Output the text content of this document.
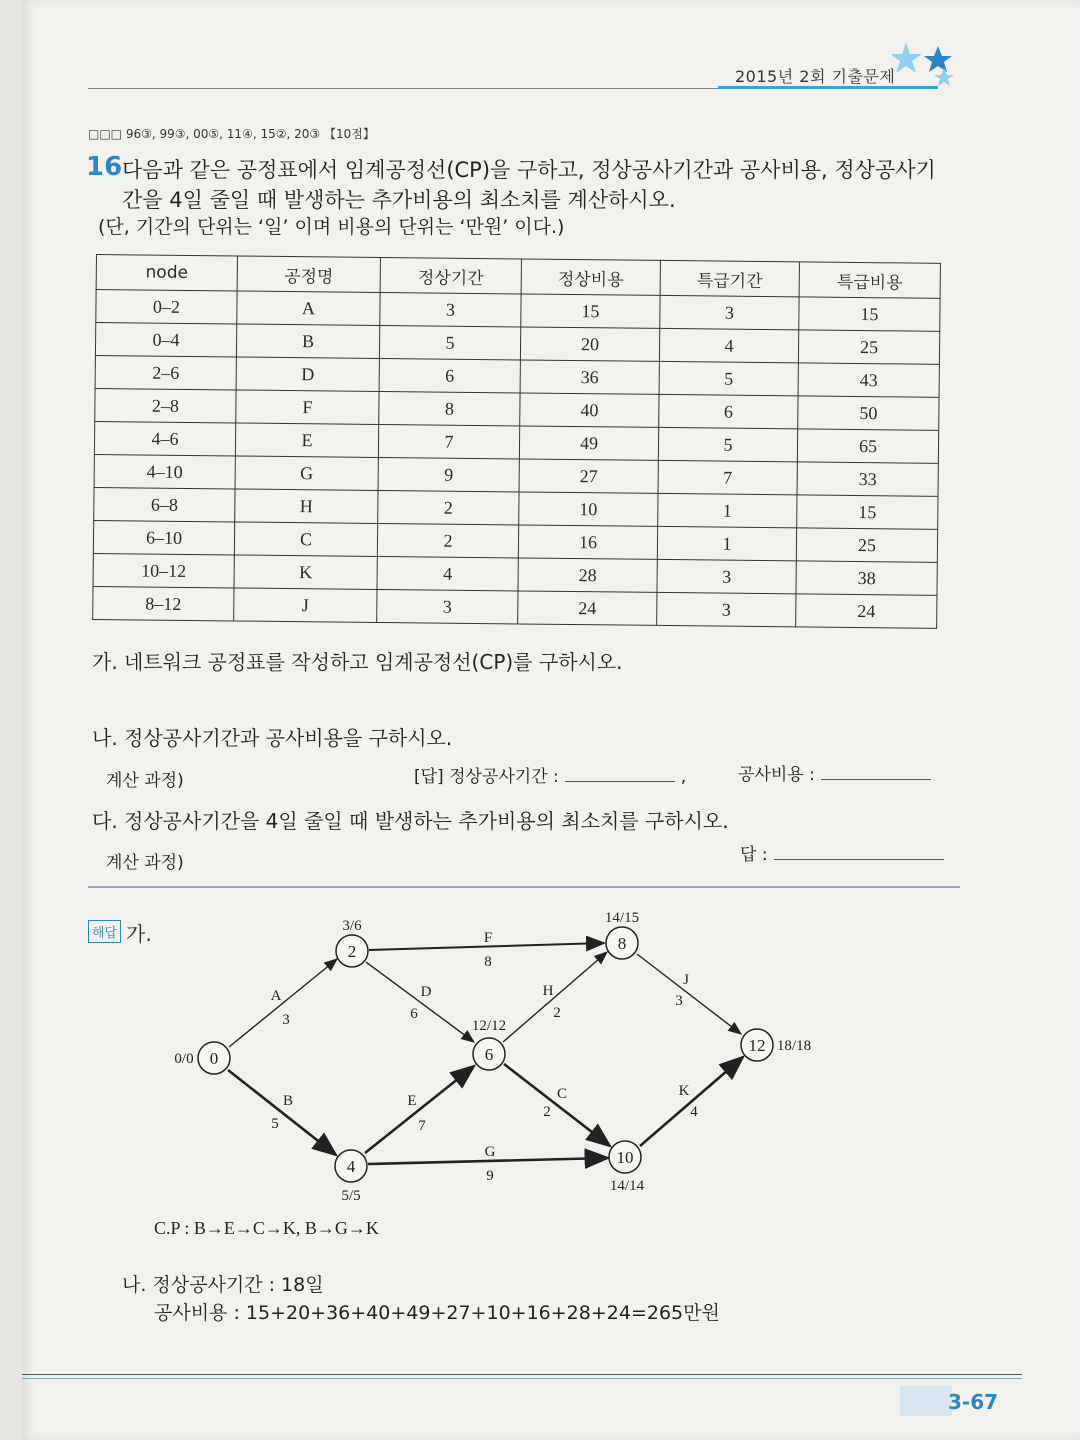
2015년 2회 기출문제
□□□ 96③, 99③, 00⑤, 11④, 15②, 20③ 【10점】
16 다음과 같은 공정표에서 임계공정선(CP)을 구하고, 정상공사기간과 공사비용, 정상공사기
간을 4일 줄일 때 발생하는 추가비용의 최소치를 계산하시오.
(단, 기간의 단위는 ‘일’ 이며 비용의 단위는 ‘만원’ 이다.)
node	공정명	정상기간	정상비용	특급기간	특급비용
0–2	A	3	15	3	15
0–4	B	5	20	4	25
2–6	D	6	36	5	43
2–8	F	8	40	6	50
4–6	E	7	49	5	65
4–10	G	9	27	7	33
6–8	H	2	10	1	15
6–10	C	2	16	1	25
10–12	K	4	28	3	38
8–12	J	3	24	3	24
가. 네트워크 공정표를 작성하고 임계공정선(CP)를 구하시오.
나. 정상공사기간과 공사비용을 구하시오.
계산 과정)	[답] 정상공사기간 :	,	공사비용 :
다. 정상공사기간을 4일 줄일 때 발생하는 추가비용의 최소치를 구하시오.
계산 과정)	답 :
해답 가.
0
2
4
6
8
10
12
0/0
3/6
5/5
12/12
14/15
14/14
18/18
A
3
B
5
D
6
F
8
E
7
G
9
H
2
C
2
J
3
K
4
C.P : B→E→C→K, B→G→K
나. 정상공사기간 : 18일
공사비용 : 15+20+36+40+49+27+10+16+28+24=265만원
3-67
